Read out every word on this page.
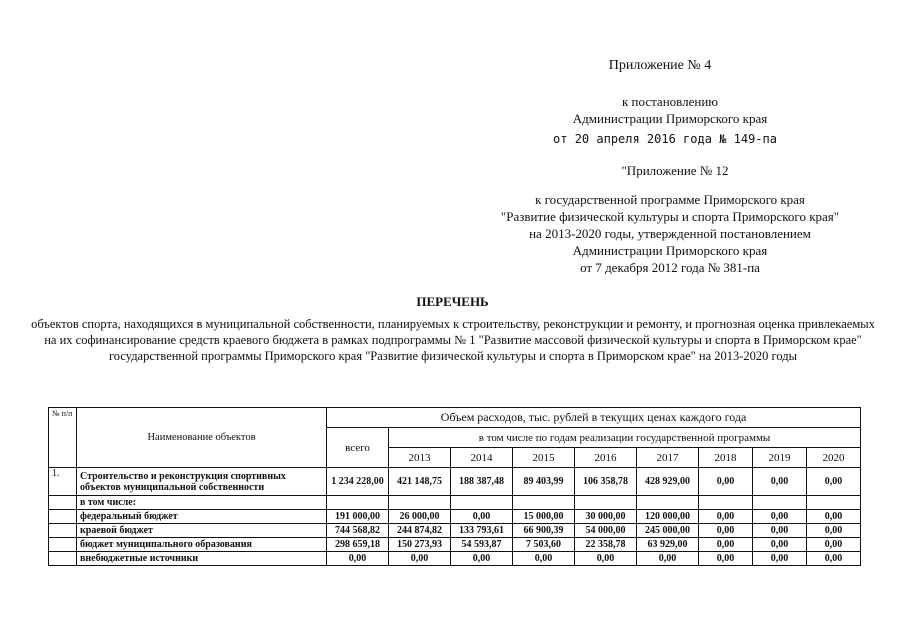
Приложение № 4
к постановлению
Администрации Приморского края
от 20 апреля 2016 года № 149-па
"Приложение № 12
к государственной программе Приморского края
"Развитие физической культуры и спорта Приморского края"
на 2013-2020 годы, утвержденной постановлением
Администрации Приморского края
от 7 декабря 2012 года № 381-па
ПЕРЕЧЕНЬ
объектов спорта, находящихся в муниципальной собственности, планируемых к строительству, реконструкции и ремонту, и прогнозная оценка привлекаемых на их софинансирование средств краевого бюджета в рамках подпрограммы № 1 "Развитие массовой физической культуры и спорта в Приморском крае" государственной программы Приморского края "Развитие физической культуры и спорта в Приморском крае" на 2013-2020 годы
№ п/п	Наименование объектов	Объем расходов, тыс. рублей в текущих ценах каждого года								
		всего	в том числе по годам реализации государственной программы							
			2013	2014	2015	2016	2017	2018	2019	2020
1.	Строительство и реконструкция спортивных объектов муниципальной собственности	1 234 228,00	421 148,75	188 387,48	89 403,99	106 358,78	428 929,00	0,00	0,00	0,00
	в том числе:									
	федеральный бюджет	191 000,00	26 000,00	0,00	15 000,00	30 000,00	120 000,00	0,00	0,00	0,00
	краевой бюджет	744 568,82	244 874,82	133 793,61	66 900,39	54 000,00	245 000,00	0,00	0,00	0,00
	бюджет муниципального образования	298 659,18	150 273,93	54 593,87	7 503,60	22 358,78	63 929,00	0,00	0,00	0,00
	внебюджетные источники	0,00	0,00	0,00	0,00	0,00	0,00	0,00	0,00	0,00
